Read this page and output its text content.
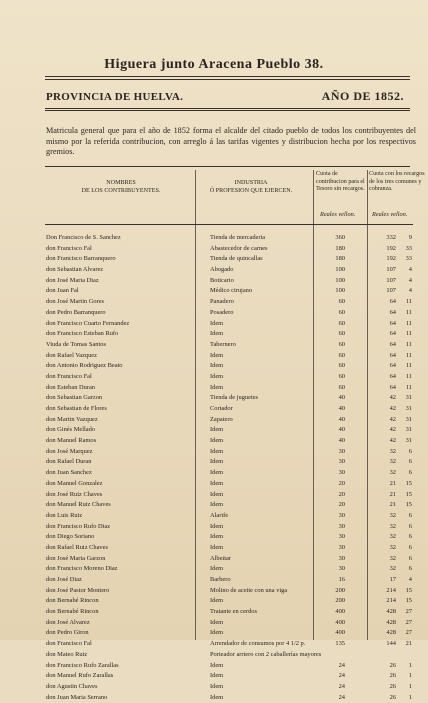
Higuera junto Aracena Pueblo 38.
PROVINCIA DE HUELVA.	AÑO DE 1852.
Matricula general que para el año de 1852 forma el alcalde del citado pueblo de todos los contribuyentes del mismo por la referida contribucion, con arreglo á las tarifas vigentes y distribucion hecha por los respectivos gremios.
NOMBRES
DE LOS CONTRIBUYENTES.
INDUSTRIA
Ó PROFESION QUE EJERCEN.
Cuota de contribucion para el Tesoro sin recargos.
Cuota con los recargos de los tres comunes y cobranza.
Reales vellon.	Reales vellon.
Don Francisco de S. Sanchez	Tienda de mercaderia	360	332	9
don Francisco Fal	Abastecedor de carnes	180	192	33
don Francisco Barranquero	Tienda de quincallas	180	192	33
don Sebastian Alvarez	Abogado	100	107	4
don José Maria Diaz	Boticario	100	107	4
don Juan Fal	Médico cirujano	100	107	4
don José Martin Gores	Panadero	60	64	11
don Pedro Barranquero	Posadero	60	64	11
don Francisco Cuarto Fernandez	Idem	60	64	11
don Francisco Esteban Rufo	Idem	60	64	11
Viuda de Tomas Santos	Tabernero	60	64	11
don Rafael Vazquez	Idem	60	64	11
don Antonio Rodriguez Beato	Idem	60	64	11
don Francisco Fal	Idem	60	64	11
don Esteban Duran	Idem	60	64	11
don Sebastian Garzon	Tienda de juguetes	40	42	31
don Sebastian de Flores	Cortador	40	42	31
don Martin Vazquez	Zapatero	40	42	31
don Ginés Mellado	Idem	40	42	31
don Manuel Ramos	Idem	40	42	31
don José Marquez	Idem	30	32	6
don Rafael Duran	Idem	30	32	6
don Juan Sanchez	Idem	30	32	6
don Manuel Gonzalez	Idem	20	21	15
don José Ruiz Chaves	Idem	20	21	15
don Manuel Ruiz Chaves	Idem	20	21	15
don Luis Ruiz	Alarife	30	32	6
don Francisco Rufo Diaz	Idem	30	32	6
don Diego Soriano	Idem	30	32	6
don Rafael Ruiz Chaves	Idem	30	32	6
don José Maria Garzon	Albeitar	30	32	6
don Francisco Moreno Diaz	Idem	30	32	6
don José Diaz	Barbero	16	17	4
don José Pastor Montero	Molino de aceite con una viga	200	214	15
don Bernabé Rincon	Idem	200	214	15
don Bernabé Rincon	Tratante en cerdos	400	428	27
don José Alvarez	Idem	400	428	27
don Pedro Giron	Idem	400	428	27
don Francisco Fal	Arrendador de consumos por 4 1/2 p.	135	144	21
don Mateo Ruiz	Porteador arriero con 2 caballerías mayores
don Francisco Rufo Zarallas	Idem	24	26	1
don Manuel Rufo Zarallas	Idem	24	26	1
don Agustin Chaves	Idem	24	26	1
don Juan Maria Serrano	Idem	24	26	1
